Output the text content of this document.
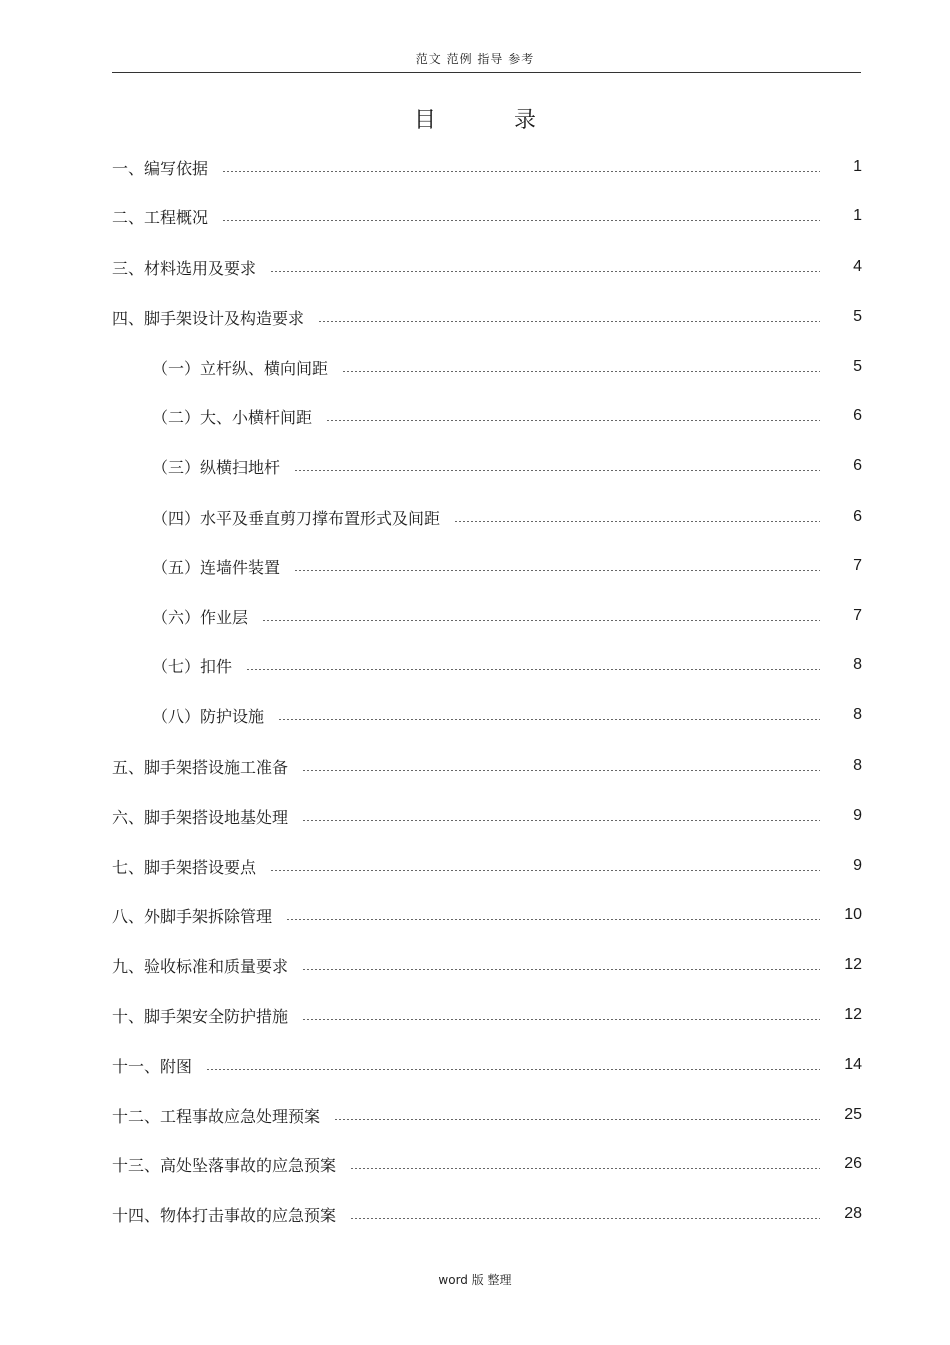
范文 范例 指导 参考
目录
一、编写依据	1
二、工程概况	1
三、材料选用及要求	4
四、脚手架设计及构造要求	5
（一）立杆纵、横向间距	5
（二）大、小横杆间距	6
（三）纵横扫地杆	6
（四）水平及垂直剪刀撑布置形式及间距	6
（五）连墙件装置	7
（六）作业层	7
（七）扣件	8
（八）防护设施	8
五、脚手架搭设施工准备	8
六、脚手架搭设地基处理	9
七、脚手架搭设要点	9
八、外脚手架拆除管理	10
九、验收标准和质量要求	12
十、脚手架安全防护措施	12
十一、附图	14
十二、工程事故应急处理预案	25
十三、高处坠落事故的应急预案	26
十四、物体打击事故的应急预案	28
word 版 整理
